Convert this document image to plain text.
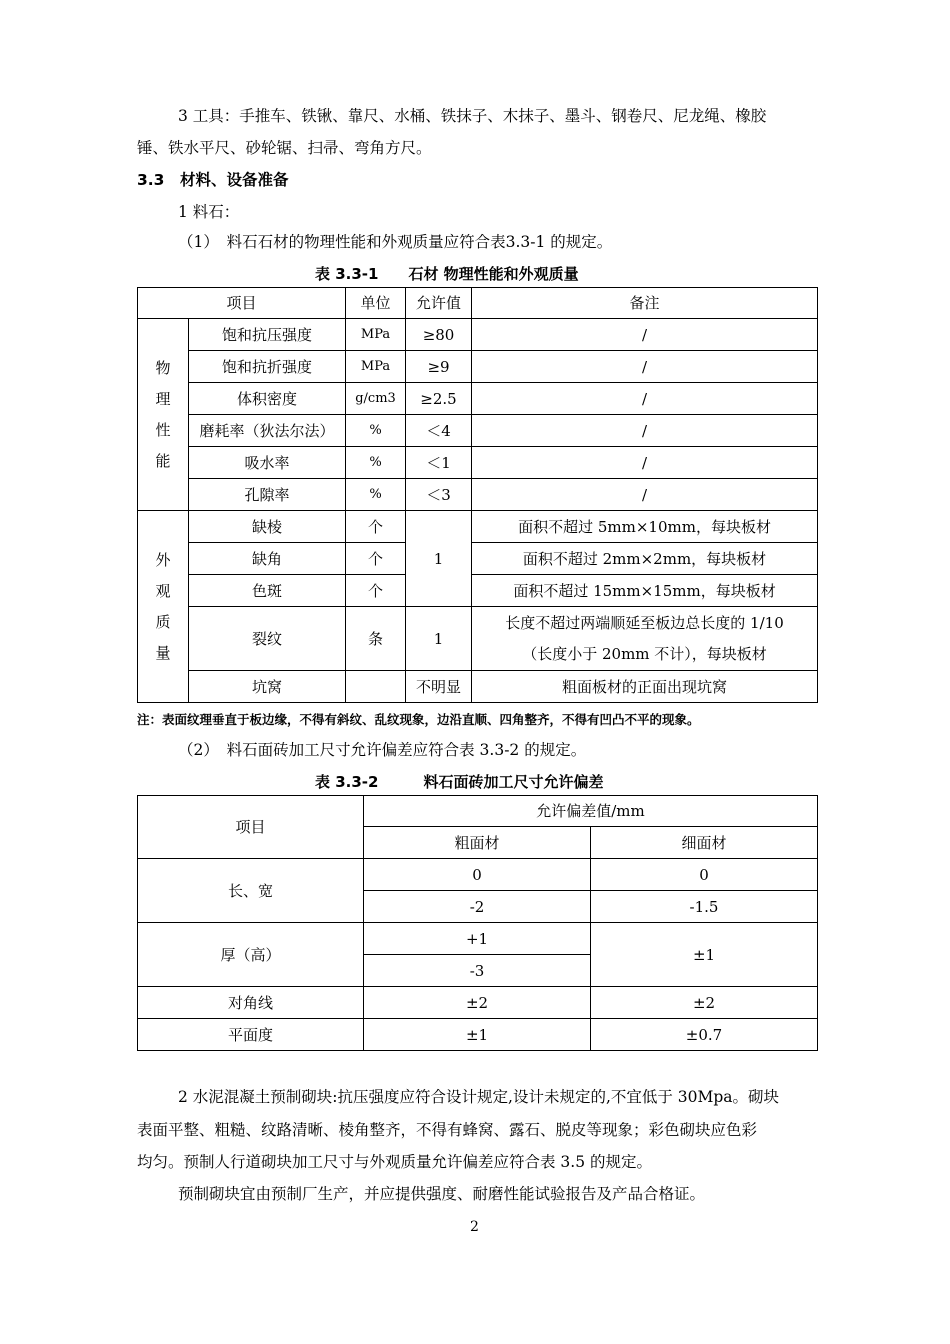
3 工具：手推车、铁锹、靠尺、水桶、铁抹子、木抹子、墨斗、钢卷尺、尼龙绳、橡胶
锤、铁水平尺、砂轮锯、扫帚、弯角方尺。
3.3　材料、设备准备
1 料石：
（1）　料石石材的物理性能和外观质量应符合表3.3-1 的规定。
表 3.3-1　　石材 物理性能和外观质量
项目		单位	允许值	备注
物
理
性
能	饱和抗压强度	MPa	≥80	/
	饱和抗折强度	MPa	≥9	/
	体积密度	g/cm3	≥2.5	/
	磨耗率（狄法尔法）	%	＜4	/
	吸水率	%	＜1	/
	孔隙率	%	＜3	/
外
观
质
量	缺棱	个	1	面积不超过 5mm×10mm，每块板材
	缺角	个		面积不超过 2mm×2mm，每块板材
	色斑	个		面积不超过 15mm×15mm，每块板材
	裂纹	条	1	长度不超过两端顺延至板边总长度的 1/10
（长度小于 20mm 不计），每块板材
	坑窝		不明显	粗面板材的正面出现坑窝
注：表面纹理垂直于板边缘，不得有斜纹、乱纹现象，边沿直顺、四角整齐，不得有凹凸不平的现象。
（2）　料石面砖加工尺寸允许偏差应符合表 3.3-2 的规定。
表 3.3-2　　　料石面砖加工尺寸允许偏差
项目	允许偏差值/mm	
	粗面材	细面材
长、宽	0	0
	-2	-1.5
厚（高）	+1	±1
	-3	
对角线	±2	±2
平面度	±1	±0.7
2 水泥混凝土预制砌块:抗压强度应符合设计规定,设计未规定的,不宜低于 30Mpa。砌块
表面平整、粗糙、纹路清晰、棱角整齐，不得有蜂窝、露石、脱皮等现象；彩色砌块应色彩
均匀。预制人行道砌块加工尺寸与外观质量允许偏差应符合表 3.5 的规定。
预制砌块宜由预制厂生产，并应提供强度、耐磨性能试验报告及产品合格证。
2
